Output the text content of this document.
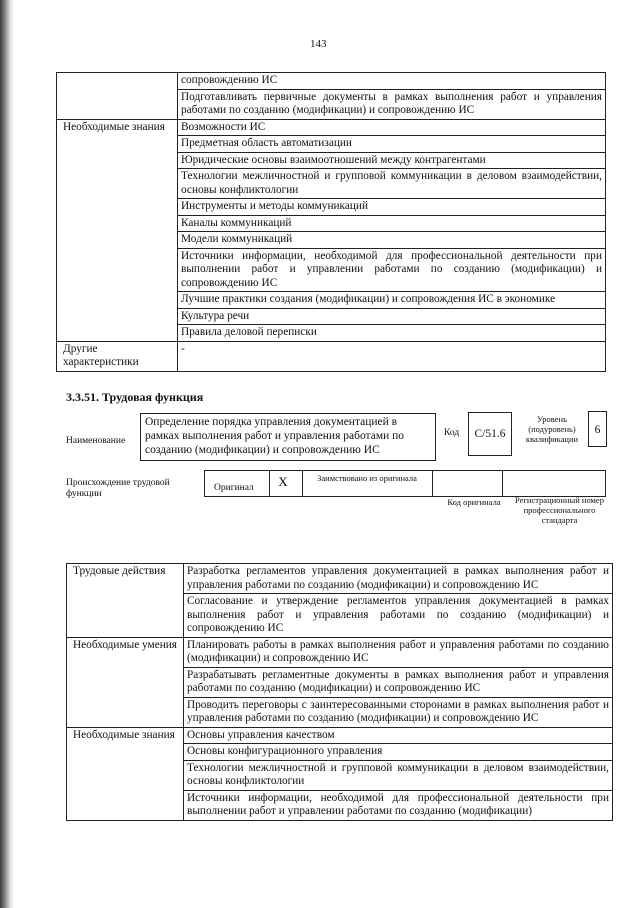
143
	сопровождению ИС
	Подготавливать первичные документы в рамках выполнения работ и управления работами по созданию (модификации) и сопровождению ИС
Необходимые знания	Возможности ИС
	Предметная область автоматизации
	Юридические основы взаимоотношений между контрагентами
	Технологии межличностной и групповой коммуникации в деловом взаимодействии, основы конфликтологии
	Инструменты и методы коммуникаций
	Каналы коммуникаций
	Модели коммуникаций
	Источники информации, необходимой для профессиональной деятельности при выполнении работ и управлении работами по созданию (модификации) и сопровождению ИС
	Лучшие практики создания (модификации) и сопровождения ИС в экономике
	Культура речи
	Правила деловой переписки
Другие характеристики	-
3.3.51. Трудовая функция
Наименование
Определение порядка управления документацией в рамках выполнения работ и управления работами по созданию (модификации) и сопровождению ИС
Код	С/51.6
Уровень (подуровень) квалификации
6
Происхождение трудовой функции
Оригинал	X	Заимствовано из оригинала
Код оригинала	Регистрационный номер профессионального стандарта
Трудовые действия	Разработка регламентов управления документацией в рамках выполнения работ и управления работами по созданию (модификации) и сопровождению ИС
	Согласование и утверждение регламентов управления документацией в рамках выполнения работ и управления работами по созданию (модификации) и сопровождению ИС
Необходимые умения	Планировать работы в рамках выполнения работ и управления работами по созданию (модификации) и сопровождению ИС
	Разрабатывать регламентные документы в рамках выполнения работ и управления работами по созданию (модификации) и сопровождению ИС
	Проводить переговоры с заинтересованными сторонами в рамках выполнения работ и управления работами по созданию (модификации) и сопровождению ИС
Необходимые знания	Основы управления качеством
	Основы конфигурационного управления
	Технологии межличностной и групповой коммуникации в деловом взаимодействии, основы конфликтологии
	Источники информации, необходимой для профессиональной деятельности при выполнении работ и управлении работами по созданию (модификации)
